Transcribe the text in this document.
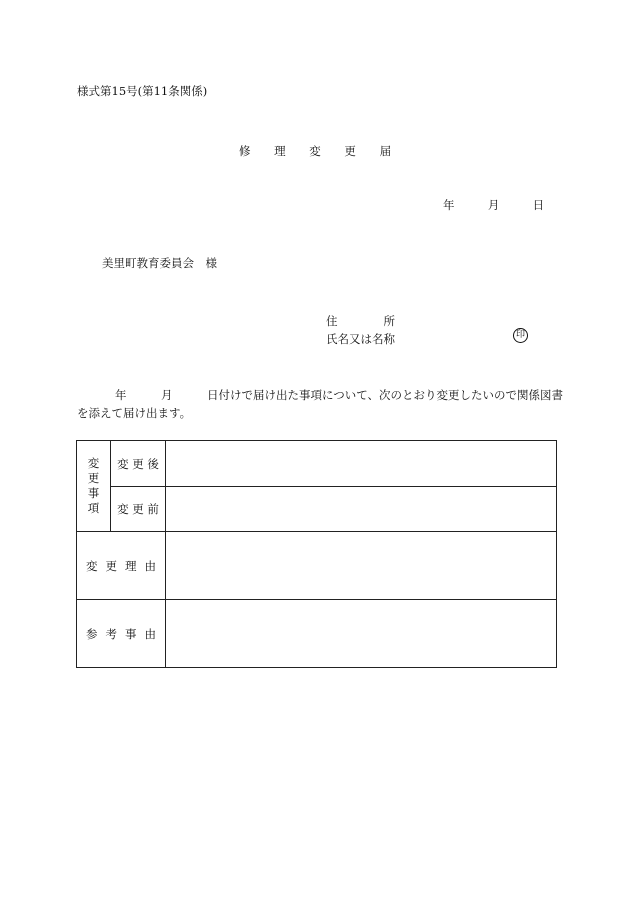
様式第15号(第11条関係)
修 理 変 更 届
年	月	日
美里町教育委員会　様
住　　　　所
氏名又は名称	印
年　　　月　　　日付けで届け出た事項について、次のとおり変更したいので関係図書
を添えて届け出ます。
変
更
事
項	変 更 後	
	変 更 前	
変 更 理 由		
参 考 事 由		
